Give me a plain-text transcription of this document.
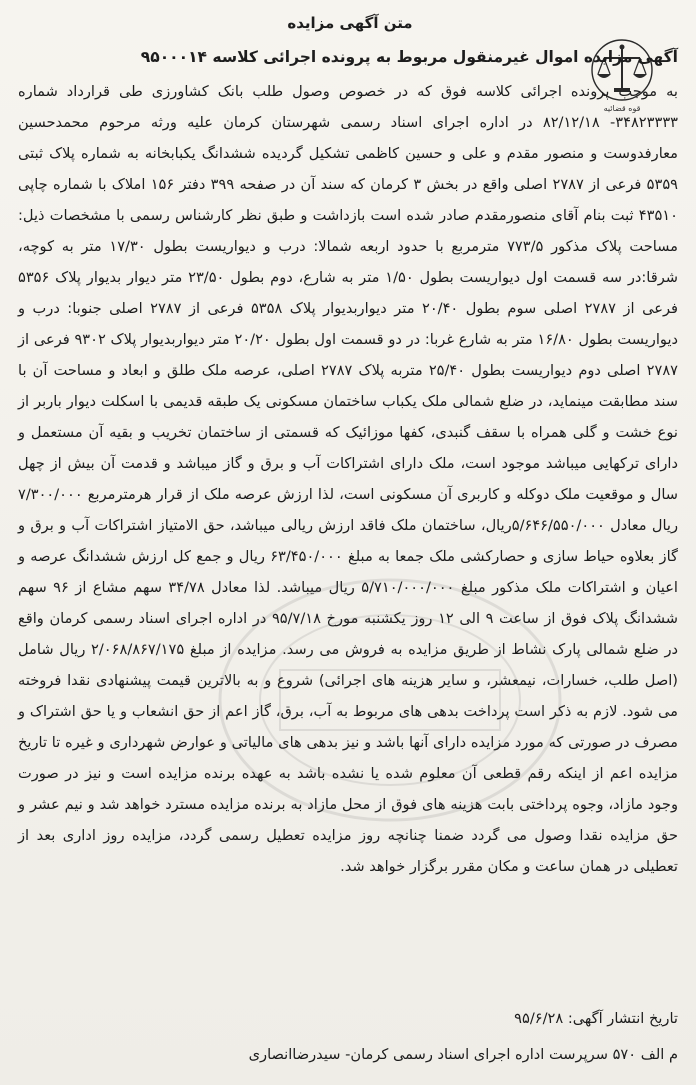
متن آگهی مزایده
قوه قضائیه
آگهی مزایده اموال غیرمنقول مربوط به پرونده اجرائی کلاسه ۹۵۰۰۰۱۴

به موجب پرونده اجرائی کلاسه فوق که در خصوص وصول طلب بانک کشاورزی طی قرارداد شماره ۳۴۸۲۳۳۳۳- ۸۲/۱۲/۱۸ در اداره اجرای اسناد رسمی شهرستان کرمان علیه ورثه مرحوم محمدحسین معارفدوست و منصور مقدم و علی و حسین کاظمی تشکیل گردیده ششدانگ یکبابخانه به شماره پلاک ثبتی ۵۳۵۹ فرعی از ۲۷۸۷ اصلی واقع در بخش ۳ کرمان که سند آن در صفحه ۳۹۹ دفتر ۱۵۶ املاک با شماره چاپی ۴۳۵۱۰ ثبت بنام آقای منصورمقدم صادر شده است بازداشت و طبق نظر کارشناس رسمی با مشخصات ذیل: مساحت پلاک مذکور ۷۷۳/۵ مترمربع با حدود اربعه شمالا: درب و دیواریست بطول ۱۷/۳۰ متر به کوچه، شرقا:در سه قسمت اول دیواریست بطول ۱/۵۰ متر به شارع، دوم بطول ۲۳/۵۰ متر دیوار بدیوار پلاک ۵۳۵۶ فرعی از ۲۷۸۷ اصلی سوم بطول ۲۰/۴۰ متر دیواربدیوار پلاک ۵۳۵۸ فرعی از ۲۷۸۷ اصلی جنوبا: درب و دیواریست بطول ۱۶/۸۰ متر به شارع غربا: در دو قسمت اول بطول ۲۰/۲۰ متر دیواربدیوار پلاک ۹۳۰۲ فرعی از ۲۷۸۷ اصلی دوم دیواریست بطول ۲۵/۴۰ متربه پلاک ۲۷۸۷ اصلی، عرصه ملک طلق و ابعاد و مساحت آن با سند مطابقت مینماید، در ضلع شمالی ملک یکباب ساختمان مسکونی یک طبقه قدیمی با اسکلت دیوار باربر از نوع خشت و گلی همراه با سقف گنبدی، کفها موزائیک که قسمتی از ساختمان تخریب و بقیه آن مستعمل و دارای ترکهایی میباشد موجود است، ملک دارای اشتراکات آب و برق و گاز میباشد و قدمت آن بیش از چهل سال و موقعیت ملک دوکله و کاربری آن مسکونی است، لذا ارزش عرصه ملک از قرار هرمترمربع ۷/۳۰۰/۰۰۰ ریال معادل ۵/۶۴۶/۵۵۰/۰۰۰ریال، ساختمان ملک فاقد ارزش ریالی میباشد، حق الامتیاز اشتراکات آب و برق و گاز بعلاوه حیاط سازی و حصارکشی ملک جمعا به مبلغ ۶۳/۴۵۰/۰۰۰ ریال و جمع کل ارزش ششدانگ عرصه و اعیان و اشتراکات ملک مذکور مبلغ ۵/۷۱۰/۰۰۰/۰۰۰ ریال میباشد. لذا معادل ۳۴/۷۸ سهم مشاع از ۹۶ سهم ششدانگ پلاک فوق از ساعت ۹ الی ۱۲ روز یکشنبه مورخ ۹۵/۷/۱۸ در اداره اجرای اسناد رسمی کرمان واقع در ضلع شمالی پارک نشاط از طریق مزایده به فروش می رسد. مزایده از مبلغ ۲/۰۶۸/۸۶۷/۱۷۵ ریال شامل (اصل طلب، خسارات، نیمعشر، و سایر هزینه های اجرائی) شروع و به بالاترین قیمت پیشنهادی نقدا فروخته می شود. لازم به ذکر است پرداخت بدهی های مربوط به آب، برق، گاز اعم از حق انشعاب و یا حق اشتراک و مصرف در صورتی که مورد مزایده دارای آنها باشد و نیز بدهی های مالیاتی و عوارض شهرداری و غیره تا تاریخ مزایده اعم از اینکه رقم قطعی آن معلوم شده یا نشده باشد به عهده برنده مزایده است و نیز در صورت وجود مازاد، وجوه پرداختی بابت هزینه های فوق از محل مازاد به برنده مزایده مسترد خواهد شد و نیم عشر و حق مزایده نقدا وصول می گردد ضمنا چنانچه روز مزایده تعطیل رسمی گردد، مزایده روز اداری بعد از تعطیلی در همان ساعت و مکان مقرر برگزار خواهد شد.

تاریخ انتشار آگهی: ۹۵/۶/۲۸
م الف ۵۷۰ سرپرست اداره اجرای اسناد رسمی کرمان- سیدرضاانصاری
